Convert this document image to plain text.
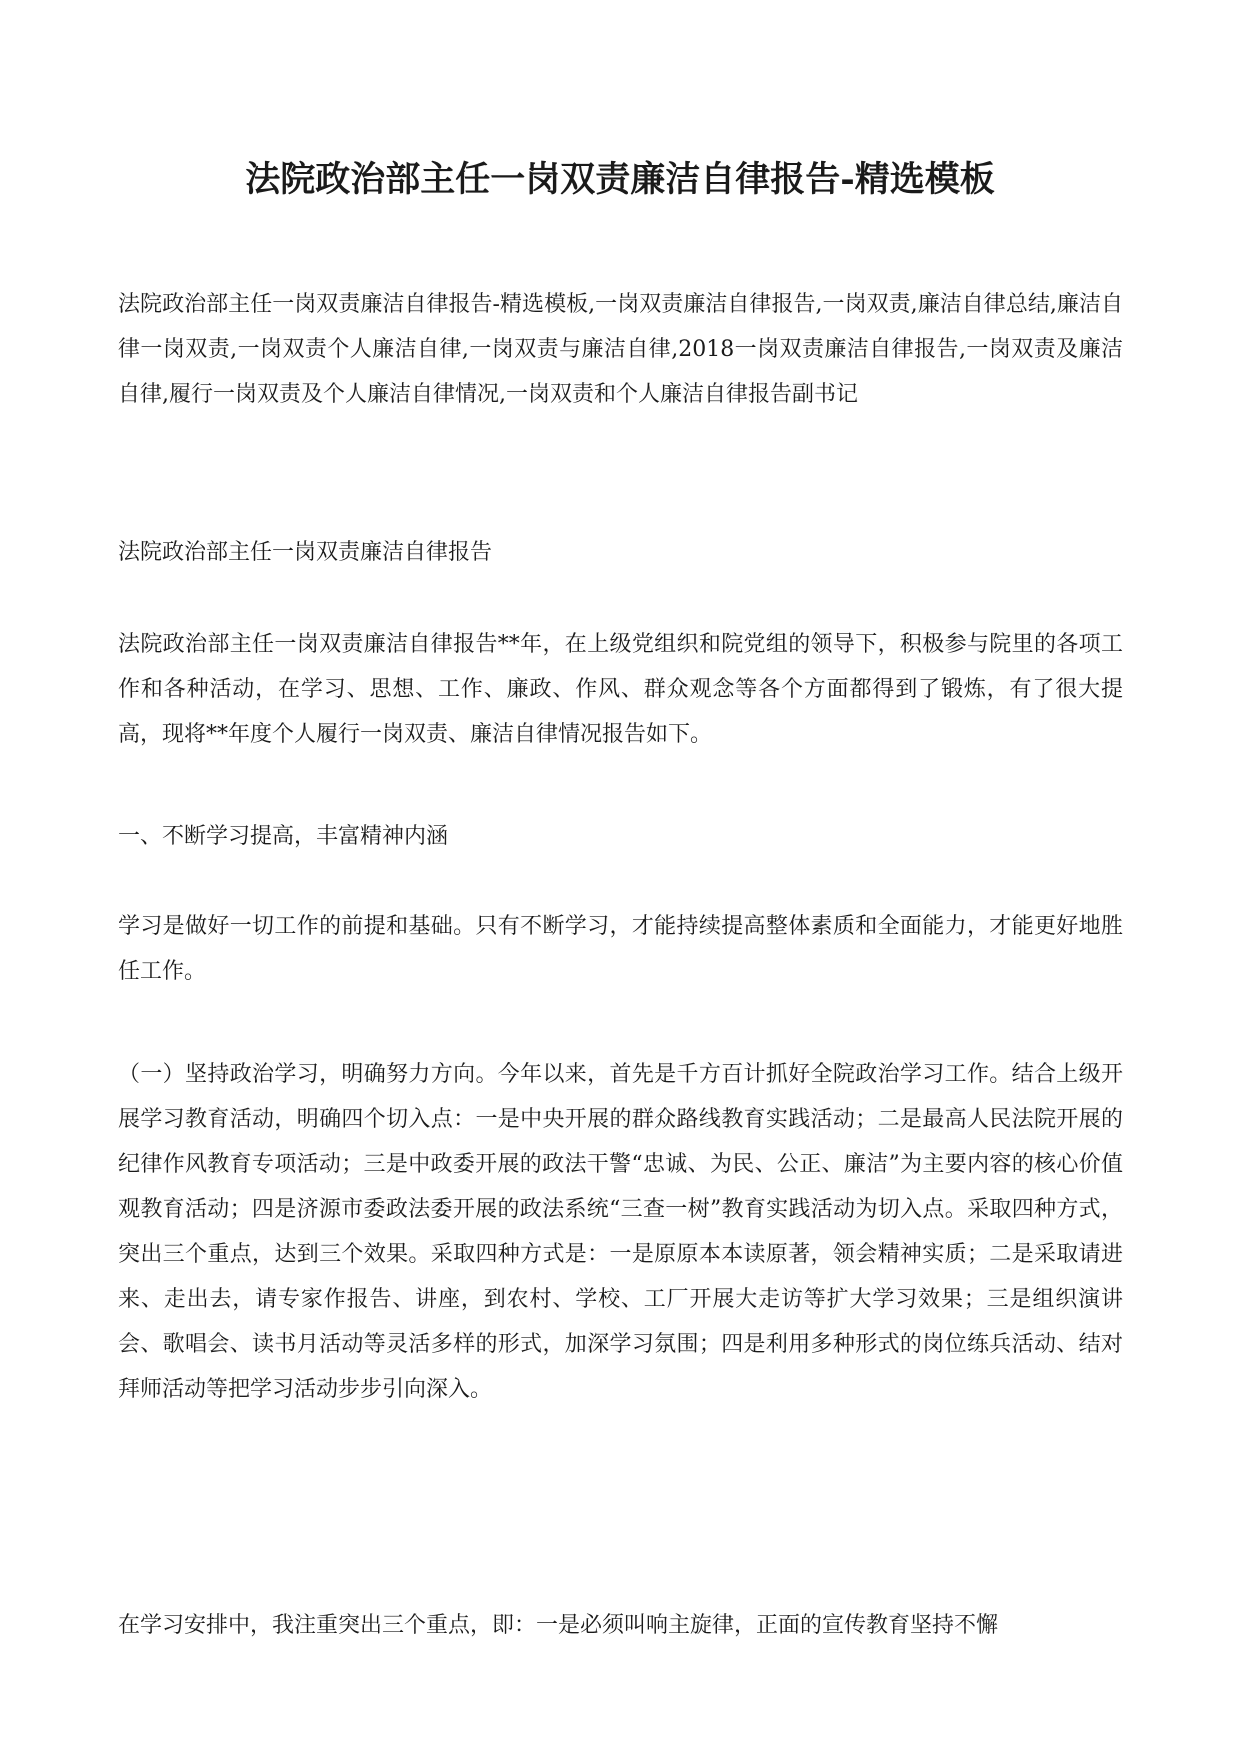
法院政治部主任一岗双责廉洁自律报告-精选模板

法院政治部主任一岗双责廉洁自律报告-精选模板,一岗双责廉洁自律报告,一岗双责,廉洁自律总结,廉洁自律一岗双责,一岗双责个人廉洁自律,一岗双责与廉洁自律,2018一岗双责廉洁自律报告,一岗双责及廉洁自律,履行一岗双责及个人廉洁自律情况,一岗双责和个人廉洁自律报告副书记

法院政治部主任一岗双责廉洁自律报告

法院政治部主任一岗双责廉洁自律报告**年，在上级党组织和院党组的领导下，积极参与院里的各项工作和各种活动，在学习、思想、工作、廉政、作风、群众观念等各个方面都得到了锻炼，有了很大提高，现将**年度个人履行一岗双责、廉洁自律情况报告如下。

一、不断学习提高，丰富精神内涵

学习是做好一切工作的前提和基础。只有不断学习，才能持续提高整体素质和全面能力，才能更好地胜任工作。

（一）坚持政治学习，明确努力方向。今年以来，首先是千方百计抓好全院政治学习工作。结合上级开展学习教育活动，明确四个切入点：一是中央开展的群众路线教育实践活动；二是最高人民法院开展的纪律作风教育专项活动；三是中政委开展的政法干警“忠诚、为民、公正、廉洁”为主要内容的核心价值观教育活动；四是济源市委政法委开展的政法系统“三查一树”教育实践活动为切入点。采取四种方式，突出三个重点，达到三个效果。采取四种方式是：一是原原本本读原著，领会精神实质；二是采取请进来、走出去，请专家作报告、讲座，到农村、学校、工厂开展大走访等扩大学习效果；三是组织演讲会、歌唱会、读书月活动等灵活多样的形式，加深学习氛围；四是利用多种形式的岗位练兵活动、结对拜师活动等把学习活动步步引向深入。

在学习安排中，我注重突出三个重点，即：一是必须叫响主旋律，正面的宣传教育坚持不懈
